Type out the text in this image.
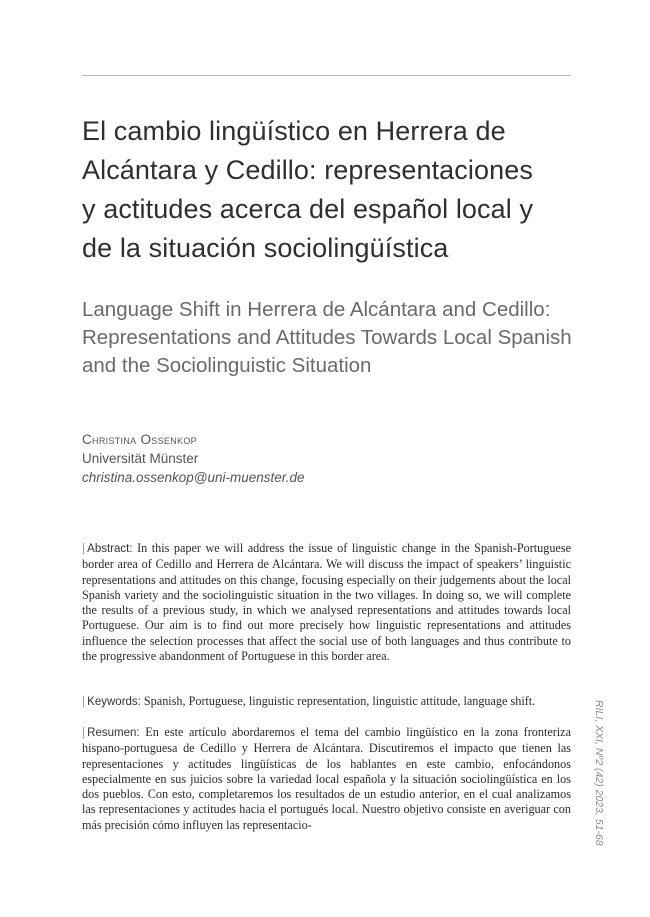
El cambio lingüístico en Herrera de
Alcántara y Cedillo: representaciones
y actitudes acerca del español local y
de la situación sociolingüística
Language Shift in Herrera de Alcántara and Cedillo:
Representations and Attitudes Towards Local Spanish
and the Sociolinguistic Situation
Christina Ossenkop
Universität Münster
christina.ossenkop@uni-muenster.de

| Abstract: In this paper we will address the issue of linguistic change in the Spanish-Portuguese border area of Cedillo and Herrera de Alcántara. We will discuss the impact of speakers’ linguistic representations and attitudes on this change, focusing especially on their judgements about the local Spanish variety and the sociolinguistic situation in the two villages. In doing so, we will complete the results of a previous study, in which we analysed representations and attitudes towards local Portuguese. Our aim is to find out more precisely how linguistic representations and attitudes influence the selection processes that affect the social use of both languages and thus contribute to the progressive abandonment of Portuguese in this border area.

| Keywords: Spanish, Portuguese, linguistic representation, linguistic attitude, language shift.

| Resumen: En este artículo abordaremos el tema del cambio lingüístico en la zona fronteriza hispano-portuguesa de Cedillo y Herrera de Alcántara. Discutiremos el impacto que tienen las representaciones y actitudes lingüísticas de los hablantes en este cambio, enfocándonos especialmente en sus juicios sobre la variedad local española y la situación sociolingüística en los dos pueblos. Con esto, completaremos los resultados de un estudio anterior, en el cual analizamos las representaciones y actitudes hacia el portugués local. Nuestro objetivo consiste en averiguar con más precisión cómo influyen las representacio-	RILI, XXI, Nº2 (42) 2023, 51-68
